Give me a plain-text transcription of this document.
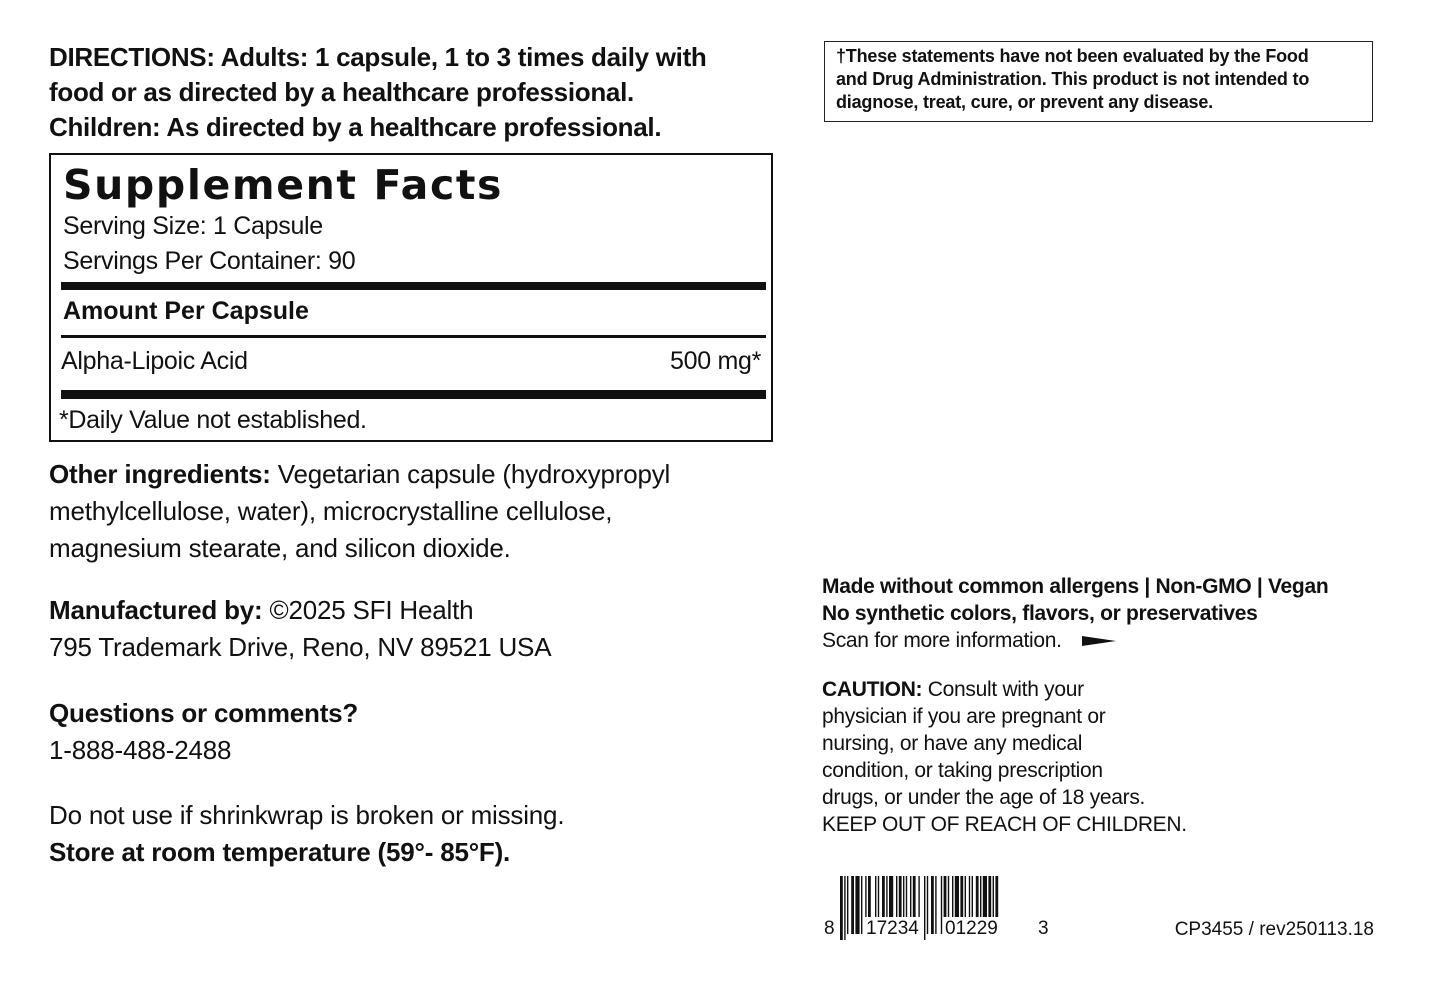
DIRECTIONS: Adults: 1 capsule, 1 to 3 times daily with
food or as directed by a healthcare professional.
Children: As directed by a healthcare professional.
Supplement Facts
Serving Size: 1 Capsule
Servings Per Container: 90
Amount Per Capsule
Alpha-Lipoic Acid	500 mg*
*Daily Value not established.
Other ingredients: Vegetarian capsule (hydroxypropyl
methylcellulose, water), microcrystalline cellulose,
magnesium stearate, and silicon dioxide.
Manufactured by: ©2025 SFI Health
795 Trademark Drive, Reno, NV 89521 USA
Questions or comments?
1-888-488-2488
Do not use if shrinkwrap is broken or missing.
Store at room temperature (59°- 85°F).
†These statements have not been evaluated by the Food
and Drug Administration. This product is not intended to
diagnose, treat, cure, or prevent any disease.
Made without common allergens | Non-GMO | Vegan
No synthetic colors, flavors, or preservatives
Scan for more information.
CAUTION: Consult with your
physician if you are pregnant or
nursing, or have any medical
condition, or taking prescription
drugs, or under the age of 18 years.
KEEP OUT OF REACH OF CHILDREN.
8 17234 01229 3	CP3455 / rev250113.18
